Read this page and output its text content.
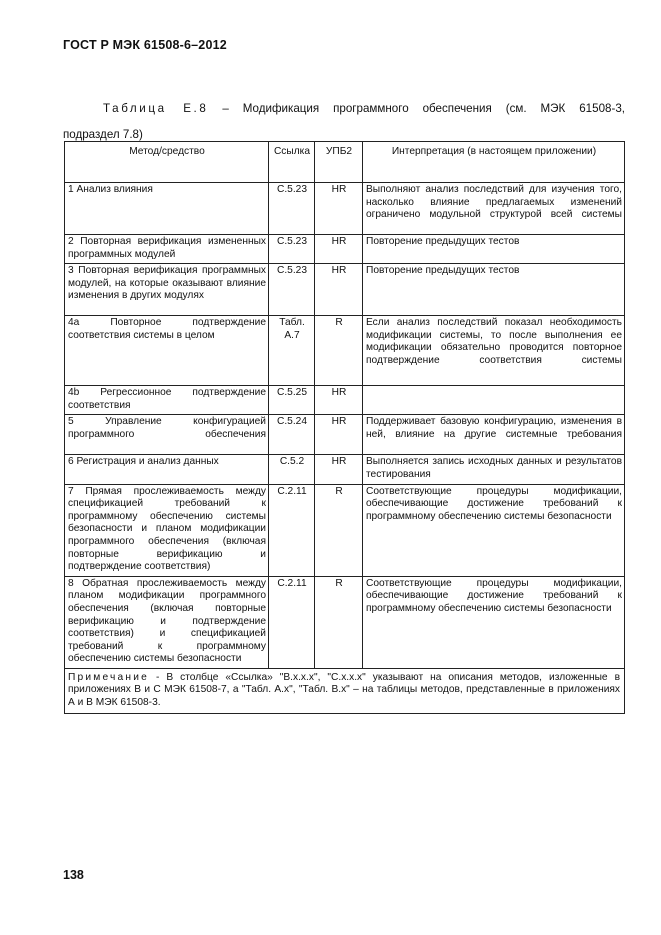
ГОСТ Р МЭК 61508-6–2012
Таблица Е.8 – Модификация программного обеспечения (см. МЭК 61508-3,
подраздел 7.8)
Метод/средство	Ссылка	УПБ2	Интерпретация (в настоящем приложении)
1 Анализ влияния	С.5.23	HR	Выполняют анализ последствий для изучения того, насколько влияние предлагаемых изменений ограничено модульной структурой всей системы
2 Повторная верификация измененных программных модулей	С.5.23	HR	Повторение предыдущих тестов
3 Повторная верификация программных модулей, на которые оказывают влияние изменения в других модулях	С.5.23	HR	Повторение предыдущих тестов
4а Повторное подтверждение соответствия системы в целом	Табл. А.7	R	Если анализ последствий показал необходимость модификации системы, то после выполнения ее модификации обязательно проводится повторное подтверждение соответствия системы
4b Регрессионное подтверждение соответствия	С.5.25	HR	
5 Управление конфигурацией программного обеспечения	С.5.24	HR	Поддерживает базовую конфигурацию, изменения в ней, влияние на другие системные требования
6 Регистрация и анализ данных	С.5.2	HR	Выполняется запись исходных данных и результатов тестирования
7 Прямая прослеживаемость между спецификацией требований к программному обеспечению системы безопасности и планом модификации программного обеспечения (включая повторные верификацию и подтверждение соответствия)	С.2.11	R	Соответствующие процедуры модификации, обеспечивающие достижение требований к программному обеспечению системы безопасности
8 Обратная прослеживаемость между планом модификации программного обеспечения (включая повторные верификацию и подтверждение соответствия) и спецификацией требований к программному обеспечению системы безопасности	С.2.11	R	Соответствующие процедуры модификации, обеспечивающие достижение требований к программному обеспечению системы безопасности
Примечание - В столбце «Ссылка» "В.х.х.х", "С.х.х.х" указывают на описания методов, изложенные в приложениях В и С МЭК 61508-7, а "Табл. А.х", "Табл. В.х" – на таблицы методов, представленные в приложениях А и В МЭК 61508-3.			
138
